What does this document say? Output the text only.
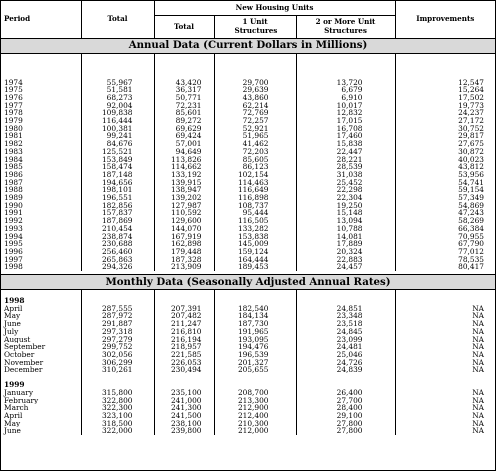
Period	Total	New Housing Units			Improvements
		Total	1 Unit Structures	2 or More Unit Structures	
Annual Data (Current Dollars in Millions)					

1974	55,967	43,420	29,700	13,720	12,547
1975	51,581	36,317	29,639	6,679	15,264
1976	68,273	50,771	43,860	6,910	17,502
1977	92,004	72,231	62,214	10,017	19,773
1978	109,838	85,601	72,769	12,832	24,237
1979	116,444	89,272	72,257	17,015	27,172
1980	100,381	69,629	52,921	16,708	30,752
1981	99,241	69,424	51,965	17,460	29,817
1982	84,676	57,001	41,462	15,838	27,675
1983	125,521	94,649	72,203	22,447	30,872
1984	153,849	113,826	85,605	28,221	40,023
1985	158,474	114,662	86,123	28,539	43,812
1986	187,148	133,192	102,154	31,038	53,956
1987	194,656	139,915	114,463	25,452	54,741
1988	198,101	138,947	116,649	22,298	59,154
1989	196,551	139,202	116,898	22,304	57,349
1990	182,856	127,987	108,737	19,250	54,869
1991	157,837	110,592	95,444	15,148	47,243
1992	187,869	129,600	116,505	13,094	58,269
1993	210,454	144,070	133,282	10,788	66,384
1994	238,874	167,919	153,838	14,081	70,955
1995	230,688	162,898	145,009	17,889	67,790
1996	256,460	179,448	159,124	20,324	77,012
1997	265,863	187,328	164,444	22,883	78,535
1998	294,326	213,909	189,453	24,457	80,417

Monthly Data (Seasonally Adjusted Annual Rates)					

1998					
April	287,555	207,391	182,540	24,851	NA
May	287,972	207,482	184,134	23,348	NA
June	291,887	211,247	187,730	23,518	NA
July	297,318	216,810	191,965	24,845	NA
August	297,279	216,194	193,095	23,099	NA
September	299,752	218,957	194,476	24,481	NA
October	302,056	221,585	196,539	25,046	NA
November	306,299	226,053	201,327	24,726	NA
December	310,261	230,494	205,655	24,839	NA

1999					
January	315,800	235,100	208,700	26,400	NA
February	322,800	241,000	213,300	27,700	NA
March	322,300	241,300	212,900	28,400	NA
April	323,100	241,500	212,400	29,100	NA
May	318,500	238,100	210,300	27,800	NA
June	322,000	239,800	212,000	27,800	NA
